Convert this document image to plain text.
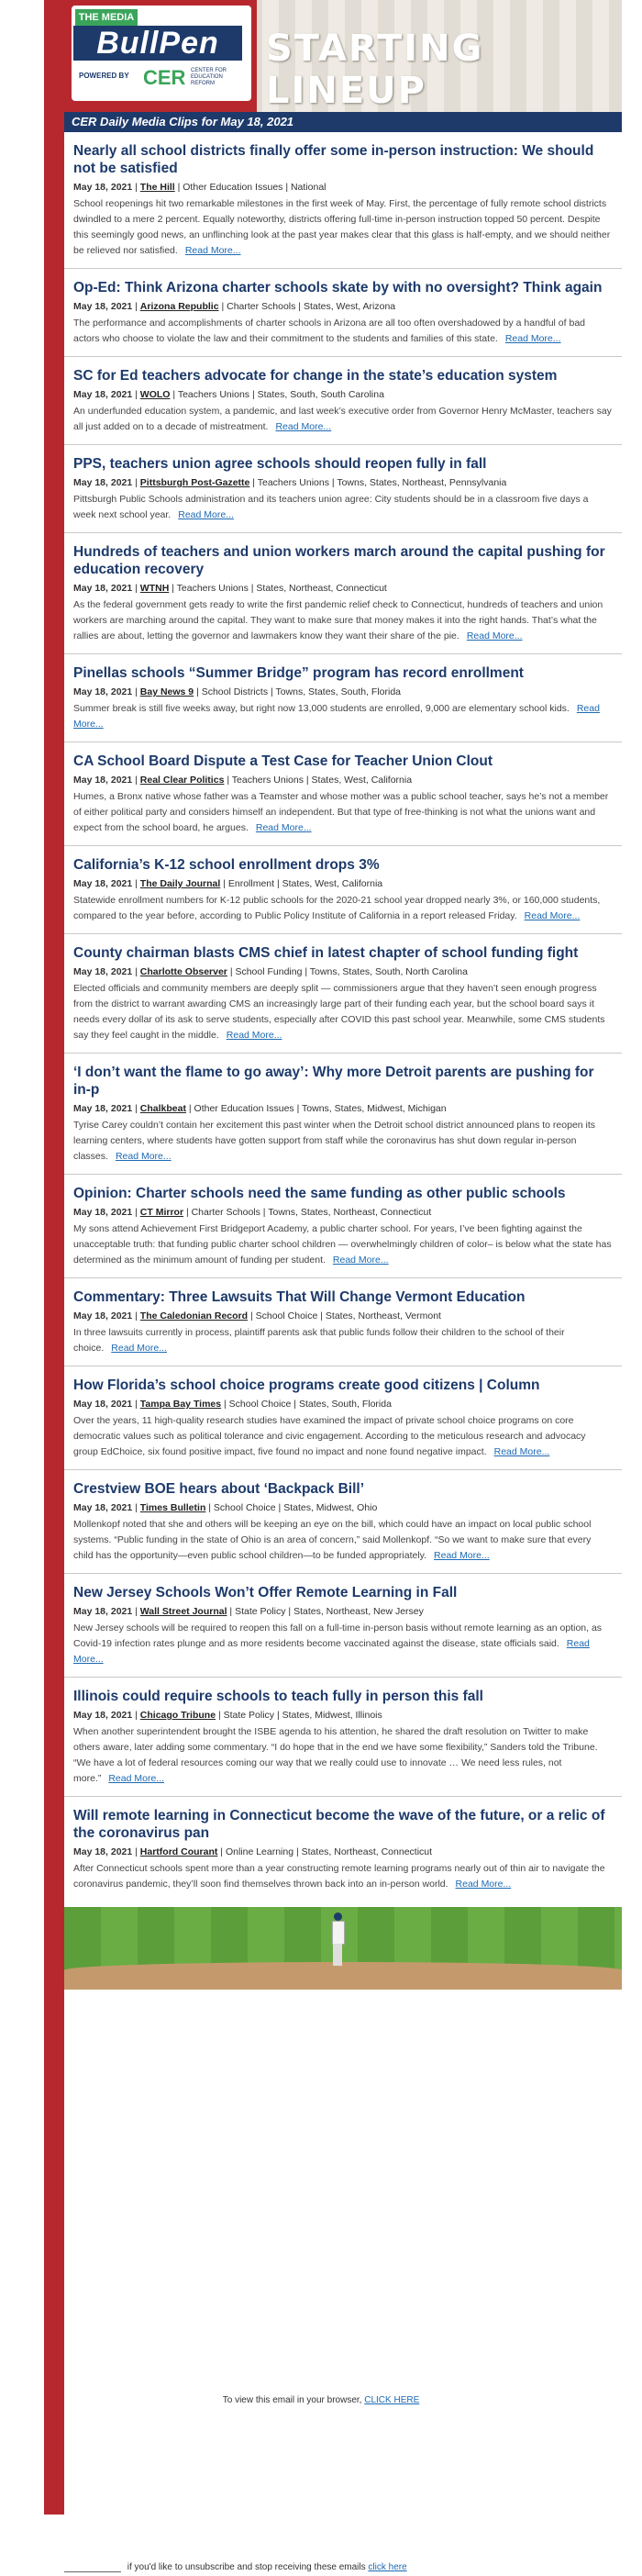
THE MEDIA
BullPen
POWERED BY CER CENTER FOR EDUCATION REFORM
STARTING LINEUP
CER Daily Media Clips for May 18, 2021
Nearly all school districts finally offer some in-person instruction: We should not be satisfied
May 18, 2021 | The Hill | Other Education Issues | National
School reopenings hit two remarkable milestones in the first week of May. First, the percentage of fully remote school districts dwindled to a mere 2 percent. Equally noteworthy, districts offering full-time in-person instruction topped 50 percent. Despite this seemingly good news, an unflinching look at the past year makes clear that this glass is half-empty, and we should neither be relieved nor satisfied. Read More...
Op-Ed: Think Arizona charter schools skate by with no oversight? Think again
May 18, 2021 | Arizona Republic | Charter Schools | States, West, Arizona
The performance and accomplishments of charter schools in Arizona are all too often overshadowed by a handful of bad actors who choose to violate the law and their commitment to the students and families of this state. Read More...
SC for Ed teachers advocate for change in the state’s education system
May 18, 2021 | WOLO | Teachers Unions | States, South, South Carolina
An underfunded education system, a pandemic, and last week’s executive order from Governor Henry McMaster, teachers say all just added on to a decade of mistreatment. Read More...
PPS, teachers union agree schools should reopen fully in fall
May 18, 2021 | Pittsburgh Post-Gazette | Teachers Unions | Towns, States, Northeast, Pennsylvania
Pittsburgh Public Schools administration and its teachers union agree: City students should be in a classroom five days a week next school year. Read More...
Hundreds of teachers and union workers march around the capital pushing for education recovery
May 18, 2021 | WTNH | Teachers Unions | States, Northeast, Connecticut
As the federal government gets ready to write the first pandemic relief check to Connecticut, hundreds of teachers and union workers are marching around the capital. They want to make sure that money makes it into the right hands. That’s what the rallies are about, letting the governor and lawmakers know they want their share of the pie. Read More...
Pinellas schools “Summer Bridge” program has record enrollment
May 18, 2021 | Bay News 9 | School Districts | Towns, States, South, Florida
Summer break is still five weeks away, but right now 13,000 students are enrolled, 9,000 are elementary school kids. Read More...
CA School Board Dispute a Test Case for Teacher Union Clout
May 18, 2021 | Real Clear Politics | Teachers Unions | States, West, California
Humes, a Bronx native whose father was a Teamster and whose mother was a public school teacher, says he’s not a member of either political party and considers himself an independent. But that type of free-thinking is not what the unions want and expect from the school board, he argues. Read More...
California’s K-12 school enrollment drops 3%
May 18, 2021 | The Daily Journal | Enrollment | States, West, California
Statewide enrollment numbers for K-12 public schools for the 2020-21 school year dropped nearly 3%, or 160,000 students, compared to the year before, according to Public Policy Institute of California in a report released Friday. Read More...
County chairman blasts CMS chief in latest chapter of school funding fight
May 18, 2021 | Charlotte Observer | School Funding | Towns, States, South, North Carolina
Elected officials and community members are deeply split — commissioners argue that they haven’t seen enough progress from the district to warrant awarding CMS an increasingly large part of their funding each year, but the school board says it needs every dollar of its ask to serve students, especially after COVID this past school year. Meanwhile, some CMS students say they feel caught in the middle. Read More...
‘I don’t want the flame to go away’: Why more Detroit parents are pushing for in-p
May 18, 2021 | Chalkbeat | Other Education Issues | Towns, States, Midwest, Michigan
Tyrise Carey couldn’t contain her excitement this past winter when the Detroit school district announced plans to reopen its learning centers, where students have gotten support from staff while the coronavirus has shut down regular in-person classes. Read More...
Opinion: Charter schools need the same funding as other public schools
May 18, 2021 | CT Mirror | Charter Schools | Towns, States, Northeast, Connecticut
My sons attend Achievement First Bridgeport Academy, a public charter school. For years, I’ve been fighting against the unacceptable truth: that funding public charter school children — overwhelmingly children of color– is below what the state has determined as the minimum amount of funding per student. Read More...
Commentary: Three Lawsuits That Will Change Vermont Education
May 18, 2021 | The Caledonian Record | School Choice | States, Northeast, Vermont
In three lawsuits currently in process, plaintiff parents ask that public funds follow their children to the school of their choice. Read More...
How Florida’s school choice programs create good citizens | Column
May 18, 2021 | Tampa Bay Times | School Choice | States, South, Florida
Over the years, 11 high-quality research studies have examined the impact of private school choice programs on core democratic values such as political tolerance and civic engagement. According to the meticulous research and advocacy group EdChoice, six found positive impact, five found no impact and none found negative impact. Read More...
Crestview BOE hears about ‘Backpack Bill’
May 18, 2021 | Times Bulletin | School Choice | States, Midwest, Ohio
Mollenkopf noted that she and others will be keeping an eye on the bill, which could have an impact on local public school systems. “Public funding in the state of Ohio is an area of concern,” said Mollenkopf. “So we want to make sure that every child has the opportunity—even public school children—to be funded appropriately. Read More...
New Jersey Schools Won’t Offer Remote Learning in Fall
May 18, 2021 | Wall Street Journal | State Policy | States, Northeast, New Jersey
New Jersey schools will be required to reopen this fall on a full-time in-person basis without remote learning as an option, as Covid-19 infection rates plunge and as more residents become vaccinated against the disease, state officials said. Read More...
Illinois could require schools to teach fully in person this fall
May 18, 2021 | Chicago Tribune | State Policy | States, Midwest, Illinois
When another superintendent brought the ISBE agenda to his attention, he shared the draft resolution on Twitter to make others aware, later adding some commentary. “I do hope that in the end we have some flexibility,” Sanders told the Tribune. “We have a lot of federal resources coming our way that we really could use to innovate … We need less rules, not more.” Read More...
Will remote learning in Connecticut become the wave of the future, or a relic of the coronavirus pan
May 18, 2021 | Hartford Courant | Online Learning | States, Northeast, Connecticut
After Connecticut schools spent more than a year constructing remote learning programs nearly out of thin air to navigate the coronavirus pandemic, they’ll soon find themselves thrown back into an in-person world. Read More...
To view this email in your browser, CLICK HERE
if you'd like to unsubscribe and stop receiving these emails click here
